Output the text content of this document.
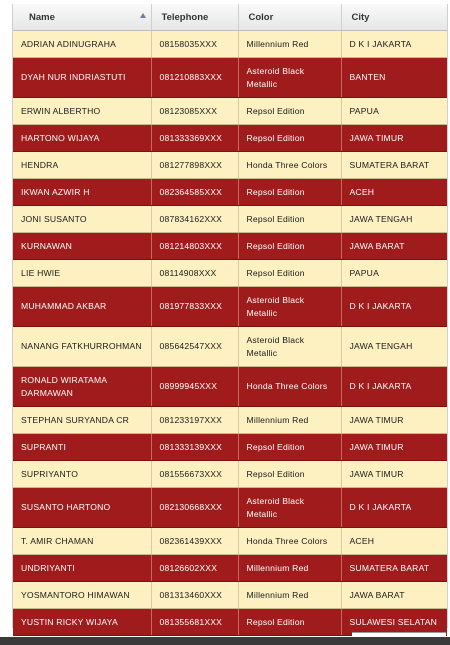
Name	Telephone	Color	City
ADRIAN ADINUGRAHA	08158035XXX	Millennium Red	D K I JAKARTA
DYAH NUR INDRIASTUTI	081210883XXX	Asteroid Black Metallic	BANTEN
ERWIN ALBERTHO	08123085XXX	Repsol Edition	PAPUA
HARTONO WIJAYA	081333369XXX	Repsol Edition	JAWA TIMUR
HENDRA	081277898XXX	Honda Three Colors	SUMATERA BARAT
IKWAN AZWIR H	082364585XXX	Repsol Edition	ACEH
JONI SUSANTO	087834162XXX	Repsol Edition	JAWA TENGAH
KURNAWAN	081214803XXX	Repsol Edition	JAWA BARAT
LIE HWIE	08114908XXX	Repsol Edition	PAPUA
MUHAMMAD AKBAR	081977833XXX	Asteroid Black Metallic	D K I JAKARTA
NANANG FATKHURROHMAN	085642547XXX	Asteroid Black Metallic	JAWA TENGAH
RONALD WIRATAMA DARMAWAN	08999945XXX	Honda Three Colors	D K I JAKARTA
STEPHAN SURYANDA CR	081233197XXX	Millennium Red	JAWA TIMUR
SUPRANTI	081333139XXX	Repsol Edition	JAWA TIMUR
SUPRIYANTO	081556673XXX	Repsol Edition	JAWA TIMUR
SUSANTO HARTONO	082130668XXX	Asteroid Black Metallic	D K I JAKARTA
T. AMIR CHAMAN	082361439XXX	Honda Three Colors	ACEH
UNDRIYANTI	08126602XXX	Millennium Red	SUMATERA BARAT
YOSMANTORO HIMAWAN	081313460XXX	Millennium Red	JAWA BARAT
YUSTIN RICKY WIJAYA	081355681XXX	Repsol Edition	SULAWESI SELATAN
